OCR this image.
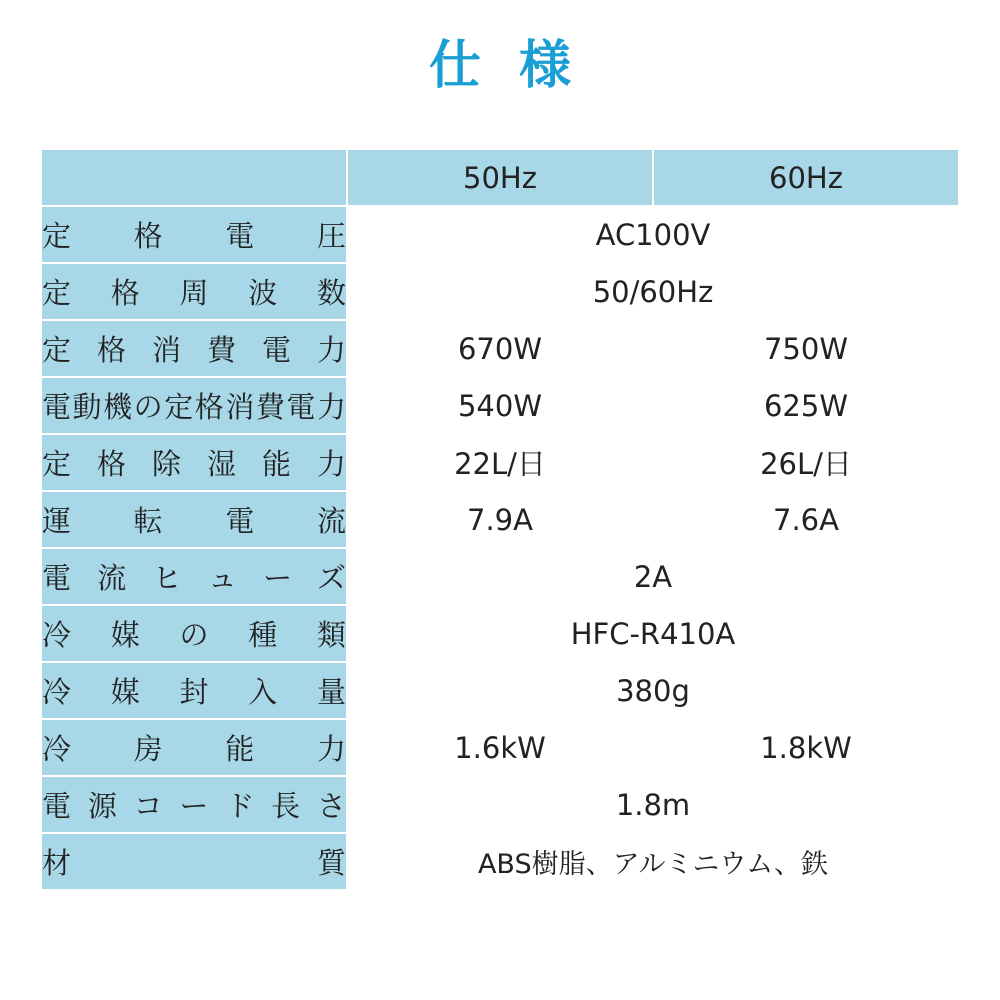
仕 様
	50Hz	60Hz

定格電圧	AC100V	

定格周波数	50/60Hz	

定格消費電力	670W	750W

電動機の定格消費電力	540W	625W

定格除湿能力	22L/日	26L/日

運転電流	7.9A	7.6A

電流ヒューズ	2A	

冷媒の種類	HFC-R410A	

冷媒封入量	380g	

冷房能力	1.6kW	1.8kW

電源コード長さ	1.8m	

材質	ABS樹脂、アルミニウム、鉄	
